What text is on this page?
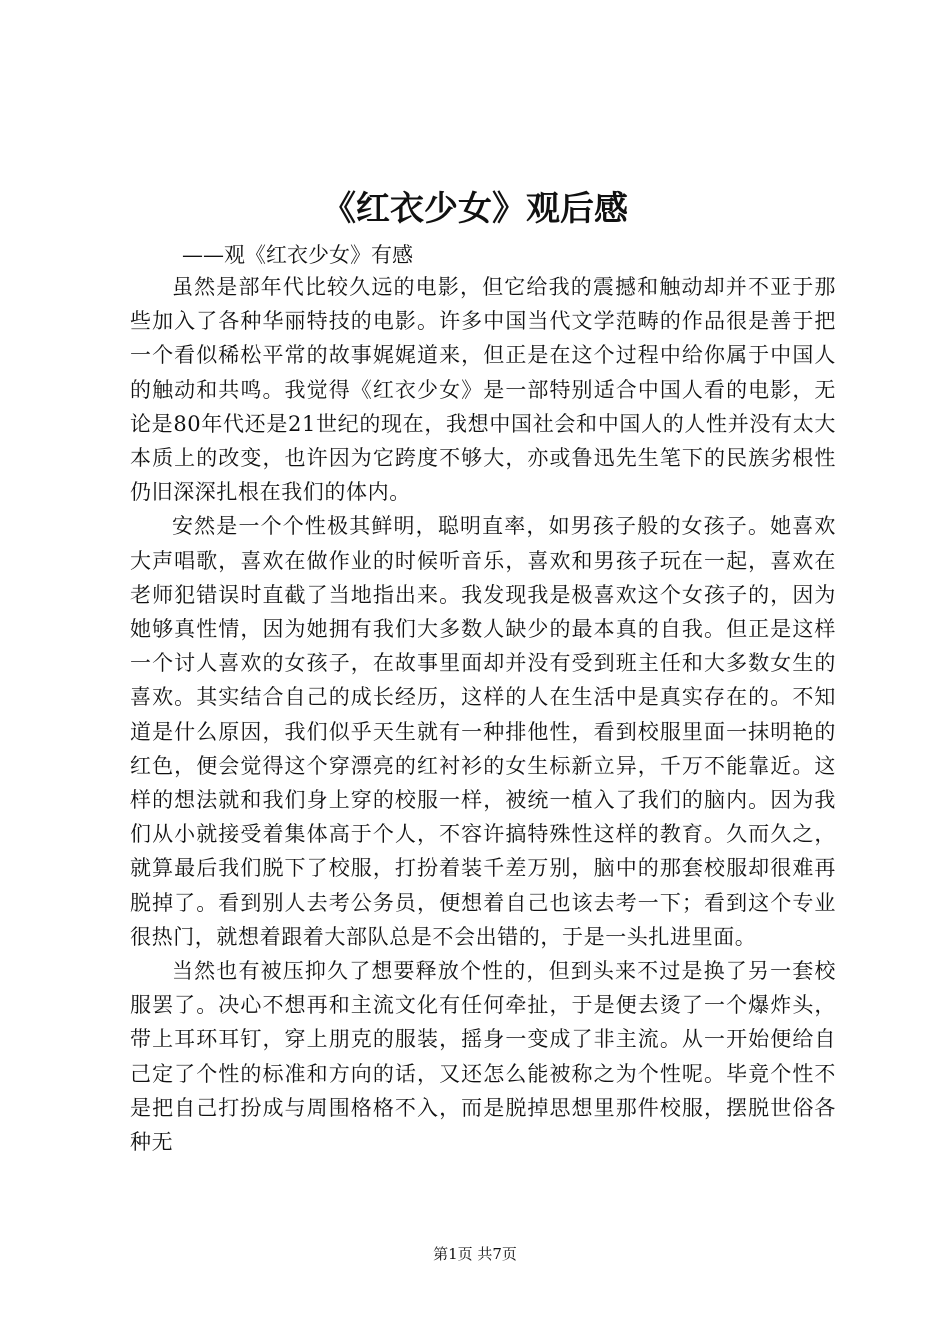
《红衣少女》观后感

——观《红衣少女》有感

虽然是部年代比较久远的电影，但它给我的震撼和触动却并不亚于那些加入了各种华丽特技的电影。许多中国当代文学范畴的作品很是善于把一个看似稀松平常的故事娓娓道来，但正是在这个过程中给你属于中国人的触动和共鸣。我觉得《红衣少女》是一部特别适合中国人看的电影，无论是80年代还是21世纪的现在，我想中国社会和中国人的人性并没有太大本质上的改变，也许因为它跨度不够大，亦或鲁迅先生笔下的民族劣根性仍旧深深扎根在我们的体内。

安然是一个个性极其鲜明，聪明直率，如男孩子般的女孩子。她喜欢大声唱歌，喜欢在做作业的时候听音乐，喜欢和男孩子玩在一起，喜欢在老师犯错误时直截了当地指出来。我发现我是极喜欢这个女孩子的，因为她够真性情，因为她拥有我们大多数人缺少的最本真的自我。但正是这样一个讨人喜欢的女孩子，在故事里面却并没有受到班主任和大多数女生的喜欢。其实结合自己的成长经历，这样的人在生活中是真实存在的。不知道是什么原因，我们似乎天生就有一种排他性，看到校服里面一抹明艳的红色，便会觉得这个穿漂亮的红衬衫的女生标新立异，千万不能靠近。这样的想法就和我们身上穿的校服一样，被统一植入了我们的脑内。因为我们从小就接受着集体高于个人，不容许搞特殊性这样的教育。久而久之，就算最后我们脱下了校服，打扮着装千差万别，脑中的那套校服却很难再脱掉了。看到别人去考公务员，便想着自己也该去考一下；看到这个专业很热门，就想着跟着大部队总是不会出错的，于是一头扎进里面。

当然也有被压抑久了想要释放个性的，但到头来不过是换了另一套校服罢了。决心不想再和主流文化有任何牵扯，于是便去烫了一个爆炸头，带上耳环耳钉，穿上朋克的服装，摇身一变成了非主流。从一开始便给自己定了个性的标准和方向的话，又还怎么能被称之为个性呢。毕竟个性不是把自己打扮成与周围格格不入，而是脱掉思想里那件校服，摆脱世俗各种无

第1页 共7页
